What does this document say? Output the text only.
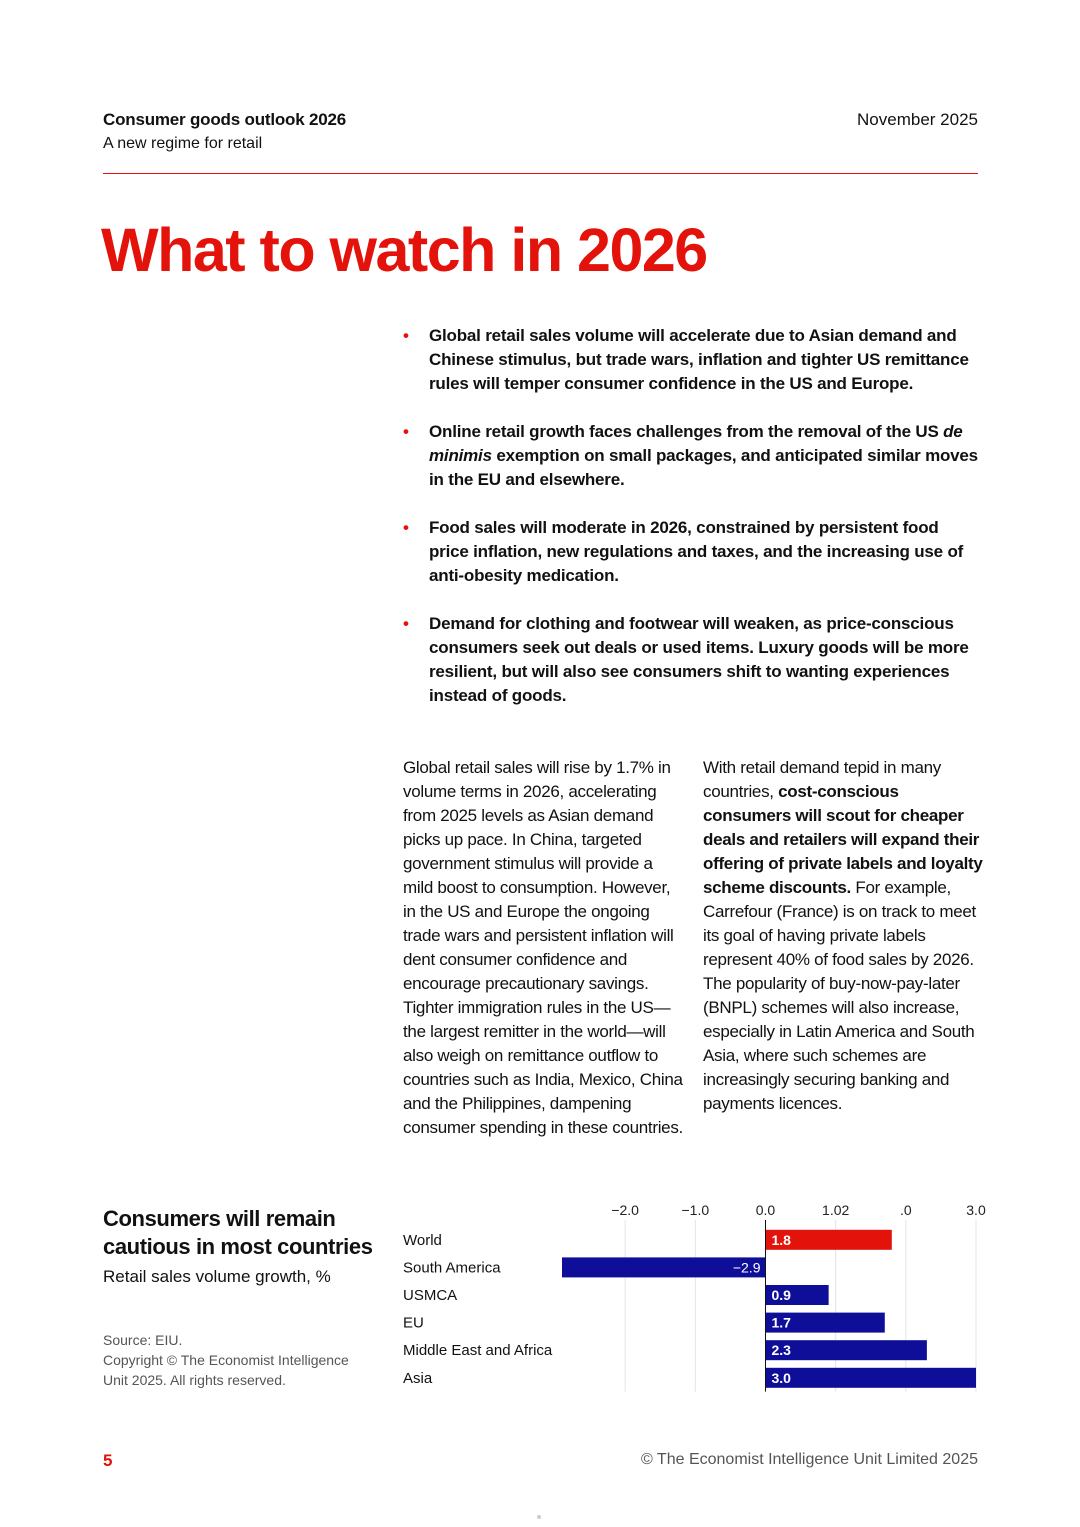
Consumer goods outlook 2026
A new regime for retail
November 2025
What to watch in 2026
• Global retail sales volume will accelerate due to Asian demand and Chinese stimulus, but trade wars, inflation and tighter US remittance rules will temper consumer confidence in the US and Europe.
• Online retail growth faces challenges from the removal of the US de minimis exemption on small packages, and anticipated similar moves in the EU and elsewhere.
• Food sales will moderate in 2026, constrained by persistent food price inflation, new regulations and taxes, and the increasing use of anti-obesity medication.
• Demand for clothing and footwear will weaken, as price-conscious consumers seek out deals or used items. Luxury goods will be more resilient, but will also see consumers shift to wanting experiences instead of goods.
Global retail sales will rise by 1.7% in volume terms in 2026, accelerating from 2025 levels as Asian demand picks up pace. In China, targeted government stimulus will provide a mild boost to consumption. However, in the US and Europe the ongoing trade wars and persistent inflation will dent consumer confidence and encourage precautionary savings. Tighter immigration rules in the US—the largest remitter in the world—will also weigh on remittance outflow to countries such as India, Mexico, China and the Philippines, dampening consumer spending in these countries.
With retail demand tepid in many countries, cost-conscious consumers will scout for cheaper deals and retailers will expand their offering of private labels and loyalty scheme discounts. For example, Carrefour (France) is on track to meet its goal of having private labels represent 40% of food sales by 2026. The popularity of buy-now-pay-later (BNPL) schemes will also increase, especially in Latin America and South Asia, where such schemes are increasingly securing banking and payments licences.
Consumers will remain cautious in most countries
Retail sales volume growth, %
Source: EIU.
Copyright © The Economist Intelligence Unit 2025. All rights reserved.
−2.0	−1.0	0.0	1.02	.0	3.0
World	1.8
South America	−2.9
USMCA	0.9
EU	1.7
Middle East and Africa	2.3
Asia	3.0
5	© The Economist Intelligence Unit Limited 2025
